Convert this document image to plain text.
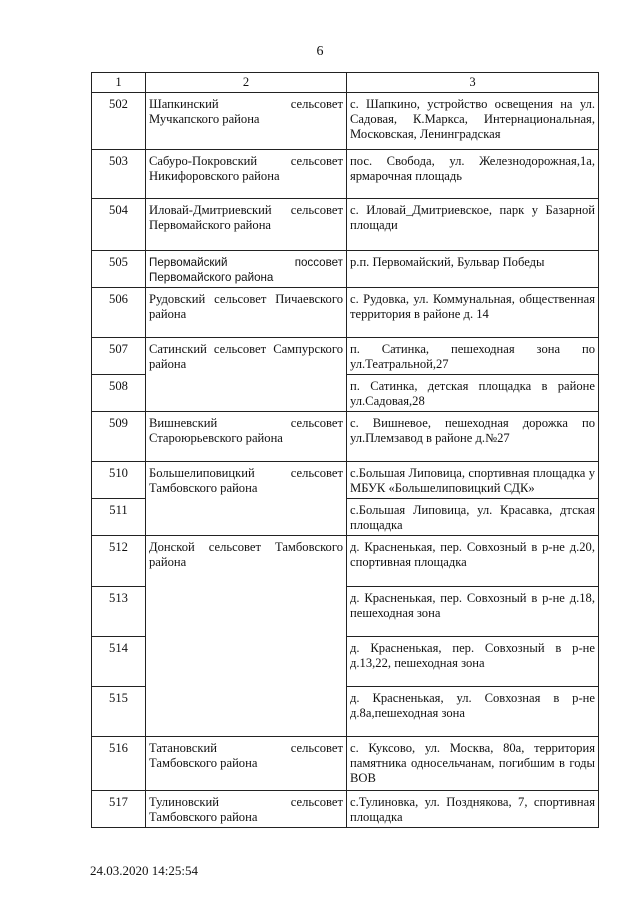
6
1	2	3
502	Шапкинский сельсовет Мучкапского района	с. Шапкино, устройство освещения на ул. Садовая, К.Маркса, Интернациональная, Московская, Ленинградская
503	Сабуро-Покровский сельсовет Никифоровского района	пос. Свобода, ул. Железнодорожная,1а, ярмарочная площадь
504	Иловай-Дмитриевский сельсовет Первомайского района	с. Иловай_Дмитриевское, парк у Базарной площади
505	Первомайский поссовет Первомайского района	р.п. Первомайский, Бульвар Победы
506	Рудовский сельсовет Пичаевского района	с. Рудовка, ул. Коммунальная, общественная территория в районе д. 14
507	Сатинский сельсовет Сампурского района	п. Сатинка, пешеходная зона по ул.Театральной,27
508		п. Сатинка, детская площадка в районе ул.Садовая,28
509	Вишневский сельсовет Староюрьевского района	с. Вишневое, пешеходная дорожка по ул.Племзавод в районе д.№27
510	Большелиповицкий сельсовет Тамбовского района	с.Большая Липовица, спортивная площадка у МБУК «Большелиповицкий СДК»
511		с.Большая Липовица, ул. Красавка, дтская площадка
512	Донской сельсовет Тамбовского района	д. Красненькая, пер. Совхозный в р-не д.20, спортивная площадка
513		д. Красненькая, пер. Совхозный в р-не д.18, пешеходная зона
514		д. Красненькая, пер. Совхозный в р-не д.13,22, пешеходная зона
515		д. Красненькая, ул. Совхозная в р-не д.8а,пешеходная зона
516	Татановский сельсовет Тамбовского района	с. Куксово, ул. Москва, 80а, территория памятника односельчанам, погибшим в годы ВОВ
517	Тулиновский сельсовет Тамбовского района	с.Тулиновка, ул. Позднякова, 7, спортивная площадка
24.03.2020 14:25:54
